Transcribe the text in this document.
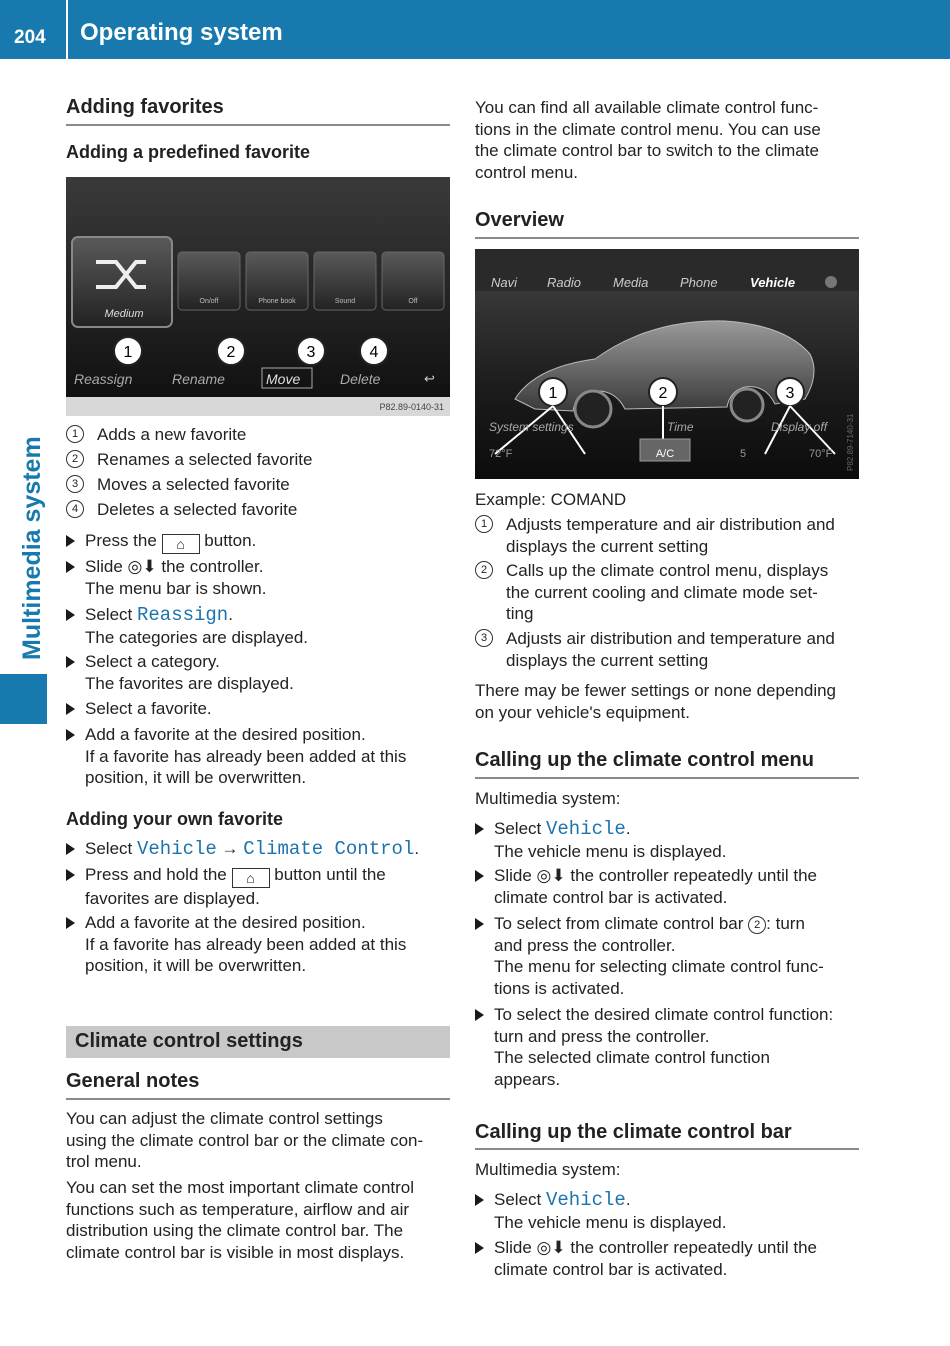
204 Operating system
Multimedia system
Adding favorites
Adding a predefined favorite
Medium
On/off	Phone book	Sound	Off
1	2	3	4
Reassign	Rename	Move	Delete	↩
P82.89-0140-31
1	Adds a new favorite
2	Renames a selected favorite
3	Moves a selected favorite
4	Deletes a selected favorite
Press the ⌂ button.
Slide ◎⬇ the controller.
The menu bar is shown.
Select Reassign.
The categories are displayed.
Select a category.
The favorites are displayed.
Select a favorite.
Add a favorite at the desired position.
If a favorite has already been added at this
position, it will be overwritten.
Adding your own favorite
Select Vehicle → Climate Control.
Press and hold the ⌂ button until the
favorites are displayed.
Add a favorite at the desired position.
If a favorite has already been added at this
position, it will be overwritten.
Climate control settings
General notes

You can adjust the climate control settings
using the climate control bar or the climate con-
trol menu.

You can set the most important climate control
functions such as temperature, airflow and air
distribution using the climate control bar. The
climate control bar is visible in most displays.

You can find all available climate control func-
tions in the climate control menu. You can use
the climate control bar to switch to the climate
control menu.

Overview
Navi Radio Media Phone Vehicle
1	2	3
System settings	Time	Display off
72°F	A/C	5	70°F P82.89-7140-31

Example: COMAND

1	Adjusts temperature and air distribution and
displays the current setting
2	Calls up the climate control menu, displays
the current cooling and climate mode set-
ting
3	Adjusts air distribution and temperature and
displays the current setting

There may be fewer settings or none depending
on your vehicle's equipment.

Calling up the climate control menu

Multimedia system:

Select Vehicle.
The vehicle menu is displayed.
Slide ◎⬇ the controller repeatedly until the
climate control bar is activated.
To select from climate control bar 2 : turn
and press the controller.
The menu for selecting climate control func-
tions is activated.
To select the desired climate control function:
turn and press the controller.
The selected climate control function
appears.
Calling up the climate control bar

Multimedia system:

Select Vehicle.
The vehicle menu is displayed.
Slide ◎⬇ the controller repeatedly until the
climate control bar is activated.
